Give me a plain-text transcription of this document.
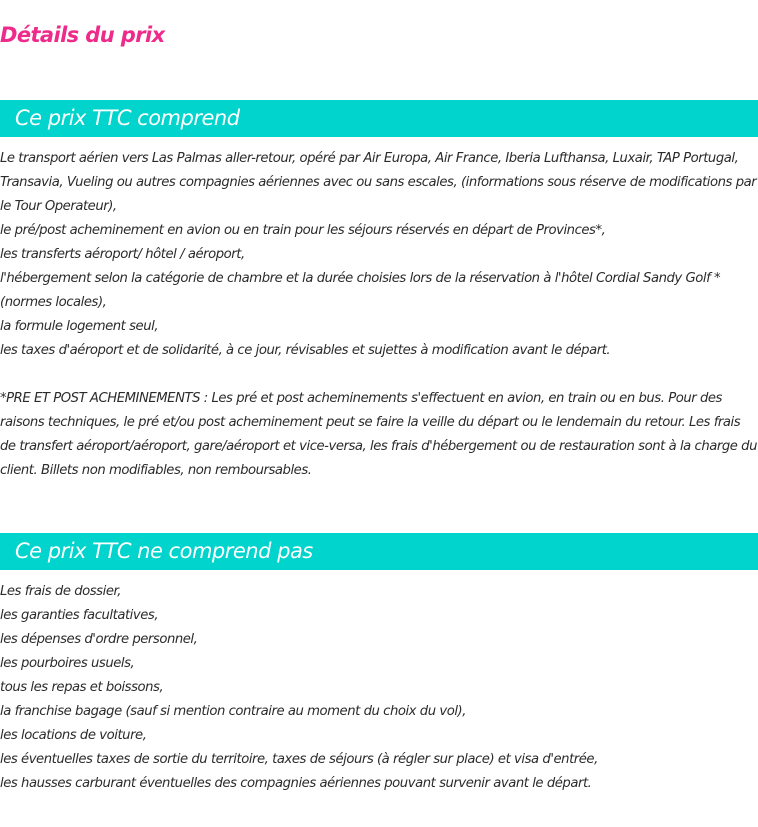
Détails du prix
Ce prix TTC comprend
Le transport aérien vers Las Palmas aller-retour, opéré par Air Europa, Air France, Iberia Lufthansa, Luxair, TAP Portugal, Transavia, Vueling ou autres compagnies aériennes avec ou sans escales, (informations sous réserve de modifications par le Tour Operateur),
le pré/post acheminement en avion ou en train pour les séjours réservés en départ de Provinces*,
les transferts aéroport/ hôtel / aéroport,
l'hébergement selon la catégorie de chambre et la durée choisies lors de la réservation à l'hôtel Cordial Sandy Golf * (normes locales),
la formule logement seul,
les taxes d'aéroport et de solidarité, à ce jour, révisables et sujettes à modification avant le départ.

*PRE ET POST ACHEMINEMENTS : Les pré et post acheminements s'effectuent en avion, en train ou en bus. Pour des raisons techniques, le pré et/ou post acheminement peut se faire la veille du départ ou le lendemain du retour. Les frais de transfert aéroport/aéroport, gare/aéroport et vice-versa, les frais d'hébergement ou de restauration sont à la charge du client. Billets non modifiables, non remboursables.

Ce prix TTC ne comprend pas
Les frais de dossier,
les garanties facultatives,
les dépenses d'ordre personnel,
les pourboires usuels,
tous les repas et boissons,
la franchise bagage (sauf si mention contraire au moment du choix du vol),
les locations de voiture,
les éventuelles taxes de sortie du territoire, taxes de séjours (à régler sur place) et visa d'entrée,
les hausses carburant éventuelles des compagnies aériennes pouvant survenir avant le départ.
